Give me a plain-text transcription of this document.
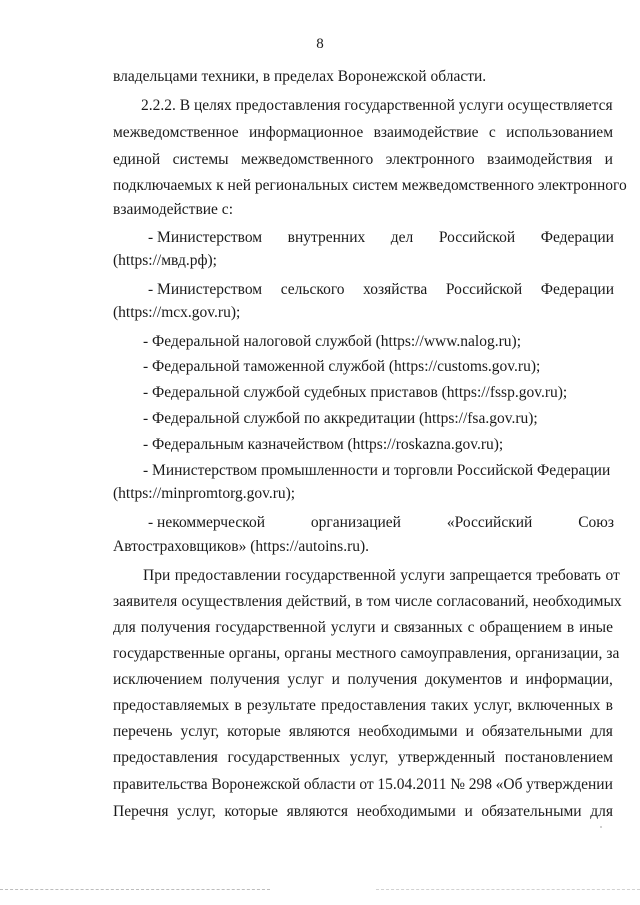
8
владельцами техники, в пределах Воронежской области.
2.2.2. В целях предоставления государственной услуги осуществляется
межведомственное информационное взаимодействие с использованием
единой системы межведомственного электронного взаимодействия и
подключаемых к ней региональных систем межведомственного электронного
взаимодействие с:
- Министерством внутренних дел Российской Федерации
(https://мвд.рф);
- Министерством сельского хозяйства Российской Федерации
(https://mcx.gov.ru);
- Федеральной налоговой службой (https://www.nalog.ru);
- Федеральной таможенной службой (https://customs.gov.ru);
- Федеральной службой судебных приставов (https://fssp.gov.ru);
- Федеральной службой по аккредитации (https://fsa.gov.ru);
- Федеральным казначейством (https://roskazna.gov.ru);
- Министерством промышленности и торговли Российской Федерации
(https://minpromtorg.gov.ru);
- некоммерческой	организацией	«Российский	Союз
Автостраховщиков» (https://autoins.ru).
При предоставлении государственной услуги запрещается требовать от
заявителя осуществления действий, в том числе согласований, необходимых
для получения государственной услуги и связанных с обращением в иные
государственные органы, органы местного самоуправления, организации, за
исключением получения услуг и получения документов и информации,
предоставляемых в результате предоставления таких услуг, включенных в
перечень услуг, которые являются необходимыми и обязательными для
предоставления государственных услуг, утвержденный постановлением
правительства Воронежской области от 15.04.2011 № 298 «Об утверждении
Перечня услуг, которые являются необходимыми и обязательными для
